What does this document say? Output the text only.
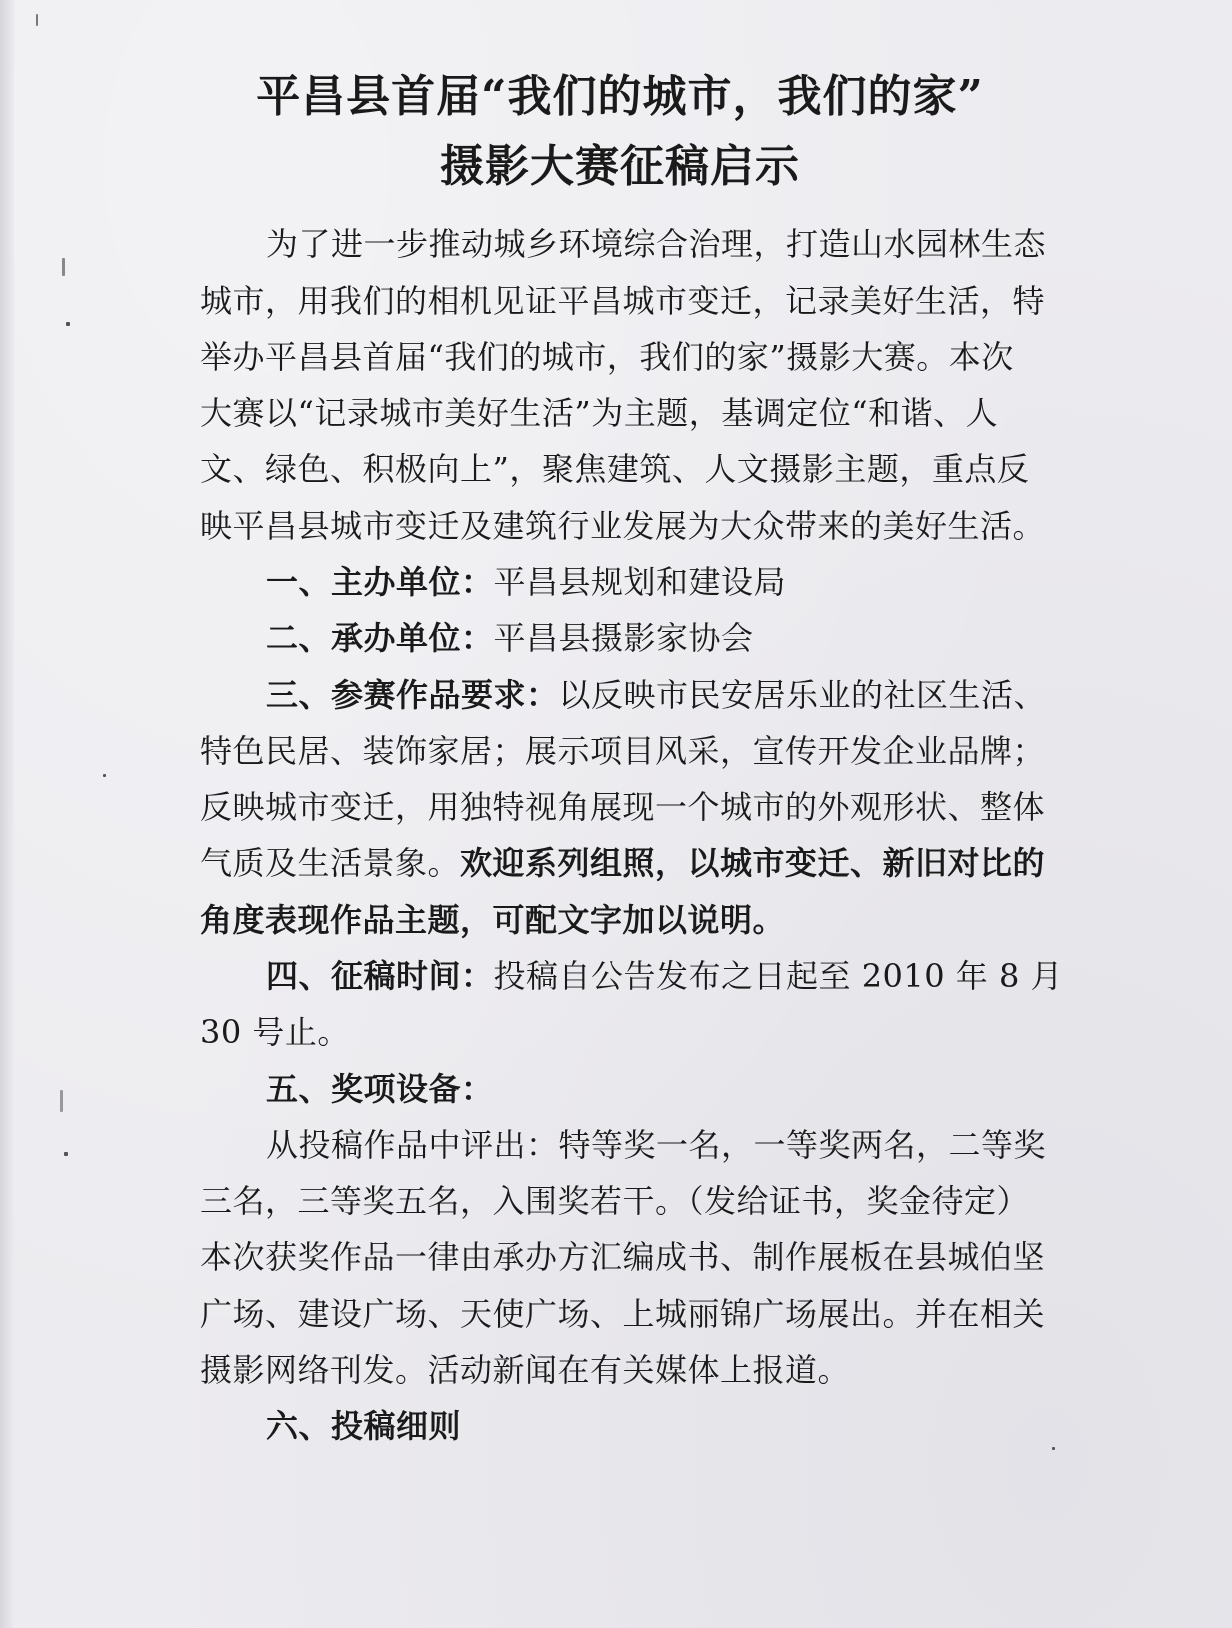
平昌县首届“我们的城市，我们的家”
摄影大赛征稿启示
为了进一步推动城乡环境综合治理，打造山水园林生态
城市，用我们的相机见证平昌城市变迁，记录美好生活，特
举办平昌县首届“我们的城市，我们的家”摄影大赛。本次
大赛以“记录城市美好生活”为主题，基调定位“和谐、人
文、绿色、积极向上”，聚焦建筑、人文摄影主题，重点反
映平昌县城市变迁及建筑行业发展为大众带来的美好生活。
一、主办单位：平昌县规划和建设局
二、承办单位：平昌县摄影家协会
三、参赛作品要求：以反映市民安居乐业的社区生活、
特色民居、装饰家居；展示项目风采，宣传开发企业品牌；
反映城市变迁，用独特视角展现一个城市的外观形状、整体
气质及生活景象。欢迎系列组照，以城市变迁、新旧对比的
角度表现作品主题，可配文字加以说明。
四、征稿时间：投稿自公告发布之日起至 2010 年 8 月
30 号止。
五、奖项设备：
从投稿作品中评出：特等奖一名，一等奖两名，二等奖
三名，三等奖五名，入围奖若干。（发给证书，奖金待定）
本次获奖作品一律由承办方汇编成书、制作展板在县城伯坚
广场、建设广场、天使广场、上城丽锦广场展出。并在相关
摄影网络刊发。活动新闻在有关媒体上报道。
六、投稿细则
